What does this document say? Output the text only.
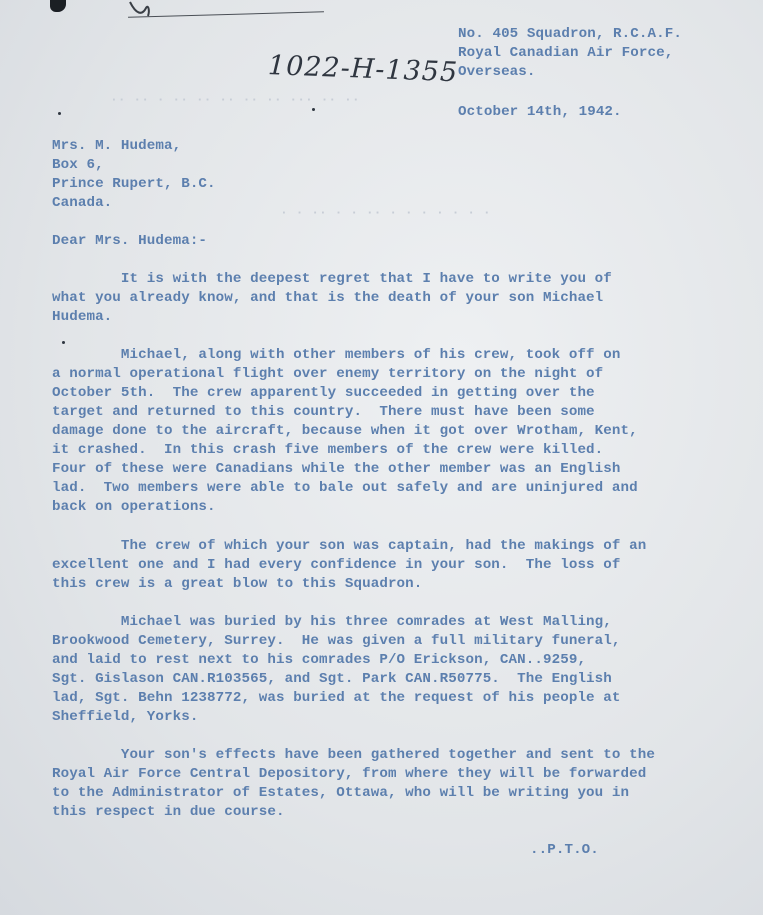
1022-H-1355
·· ·· · ·· ·· ·· ·· ·· ··· ·· ··
· · ·· · · ·· · · · · · · ·
No. 405 Squadron, R.C.A.F.
Royal Canadian Air Force,
Overseas.
October 14th, 1942.
Mrs. M. Hudema,
Box 6,
Prince Rupert, B.C.
Canada.
Dear Mrs. Hudema:-
It is with the deepest regret that I have to write you of
what you already know, and that is the death of your son Michael
Hudema.
Michael, along with other members of his crew, took off on
a normal operational flight over enemy territory on the night of
October 5th.  The crew apparently succeeded in getting over the
target and returned to this country.  There must have been some
damage done to the aircraft, because when it got over Wrotham, Kent,
it crashed.  In this crash five members of the crew were killed.
Four of these were Canadians while the other member was an English
lad.  Two members were able to bale out safely and are uninjured and
back on operations.
The crew of which your son was captain, had the makings of an
excellent one and I had every confidence in your son.  The loss of
this crew is a great blow to this Squadron.
Michael was buried by his three comrades at West Malling,
Brookwood Cemetery, Surrey.  He was given a full military funeral,
and laid to rest next to his comrades P/O Erickson, CAN..9259,
Sgt. Gislason CAN.R103565, and Sgt. Park CAN.R50775.  The English
lad, Sgt. Behn 1238772, was buried at the request of his people at
Sheffield, Yorks.
Your son's effects have been gathered together and sent to the
Royal Air Force Central Depository, from where they will be forwarded
to the Administrator of Estates, Ottawa, who will be writing you in
this respect in due course.
..P.T.O.
